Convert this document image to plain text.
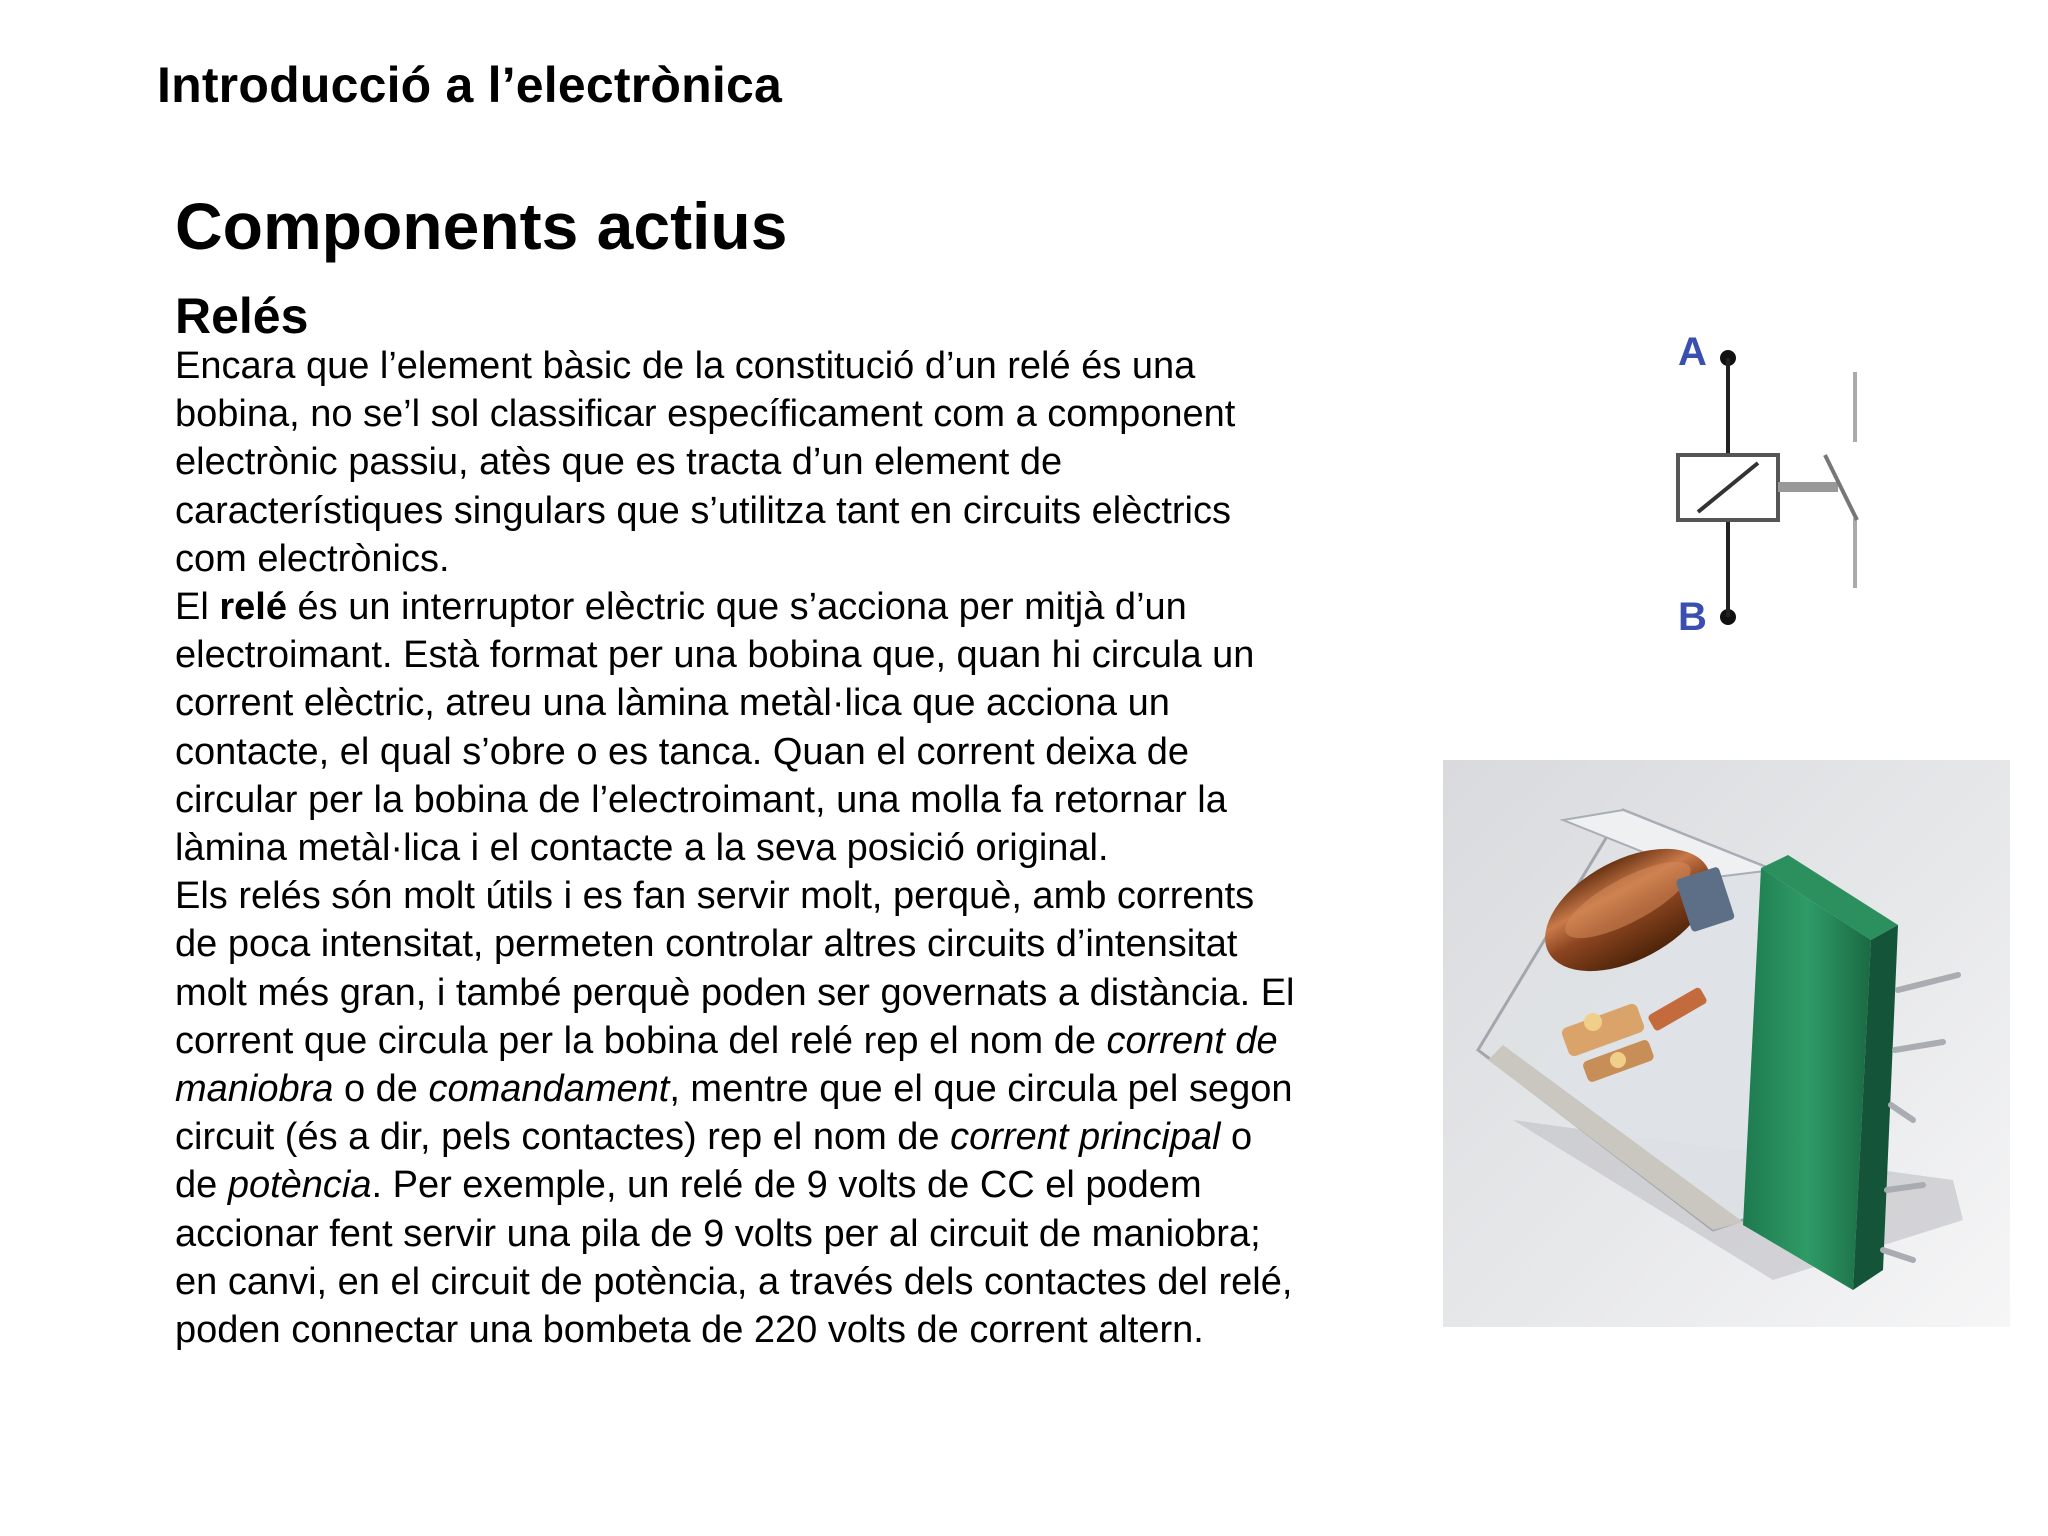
Introducció a l’electrònica
Components actius
Relés

Encara que l’element bàsic de la constitució d’un relé és una
bobina, no se’l sol classificar específicament com a component
electrònic passiu, atès que es tracta d’un element de
característiques singulars que s’utilitza tant en circuits elèctrics
com electrònics.

El relé és un interruptor elèctric que s’acciona per mitjà d’un
electroimant. Està format per una bobina que, quan hi circula un
corrent elèctric, atreu una làmina metàl·lica que acciona un
contacte, el qual s’obre o es tanca. Quan el corrent deixa de
circular per la bobina de l’electroimant, una molla fa retornar la
làmina metàl·lica i el contacte a la seva posició original.

Els relés són molt útils i es fan servir molt, perquè, amb corrents
de poca intensitat, permeten controlar altres circuits d’intensitat
molt més gran, i també perquè poden ser governats a distància. El
corrent que circula per la bobina del relé rep el nom de corrent de
maniobra o de comandament, mentre que el que circula pel segon
circuit (és a dir, pels contactes) rep el nom de corrent principal o
de potència. Per exemple, un relé de 9 volts de CC el podem
accionar fent servir una pila de 9 volts per al circuit de maniobra;
en canvi, en el circuit de potència, a través dels contactes del relé,
poden connectar una bombeta de 220 volts de corrent altern.

A
B
